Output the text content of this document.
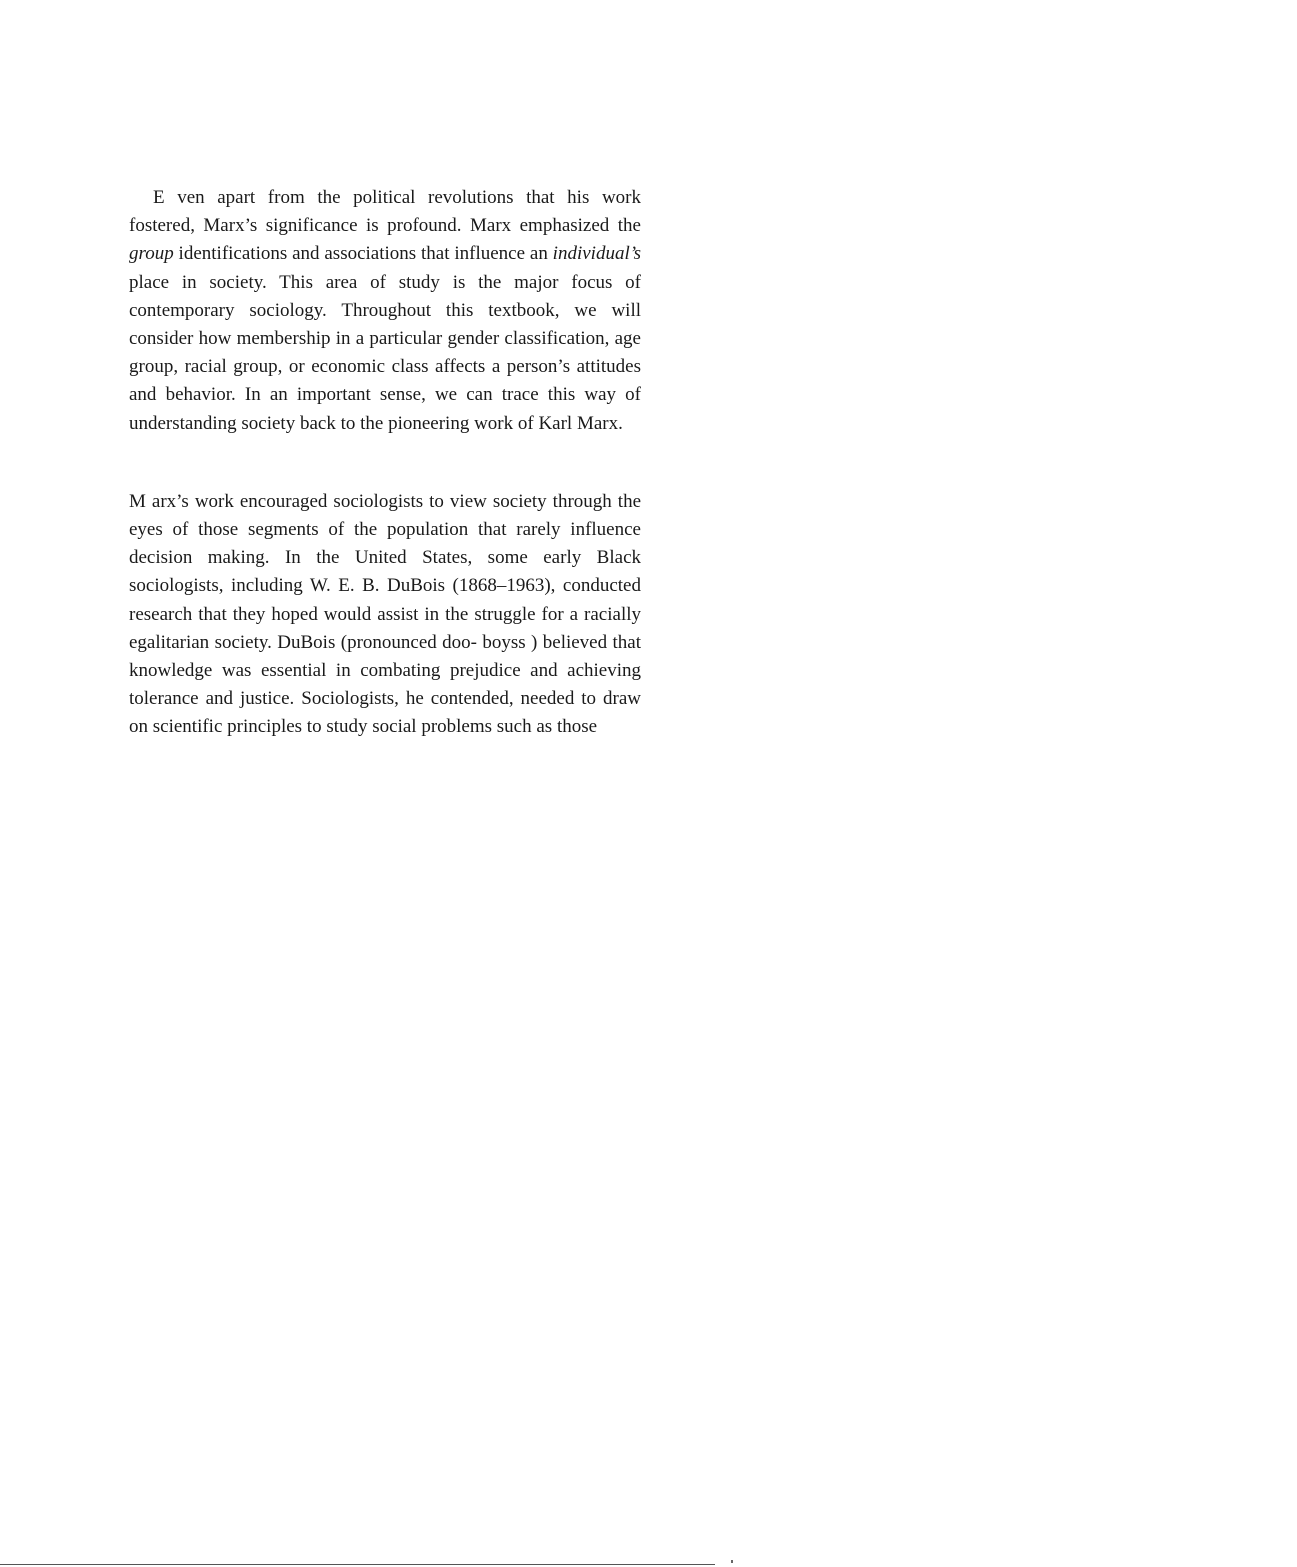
E ven apart from the political revolutions that his work fostered, Marx’s significance is profound. Marx emphasized the group identifications and associations that influence an individual’s place in society. This area of study is the major focus of contemporary sociology. Throughout this textbook, we will consider how membership in a particular gender classification, age group, racial group, or economic class affects a person’s attitudes and behavior. In an important sense, we can trace this way of understanding society back to the pioneering work of Karl Marx.

M arx’s work encouraged sociologists to view society through the eyes of those segments of the population that rarely influence decision making. In the United States, some early Black sociologists, including W. E. B. DuBois (1868–1963), conducted research that they hoped would assist in the struggle for a racially egalitarian society. DuBois (pronounced doo- boyss ) believed that knowledge was essential in combating prejudice and achieving tolerance and justice. Sociologists, he contended, needed to draw on scientific principles to study social problems such as those
